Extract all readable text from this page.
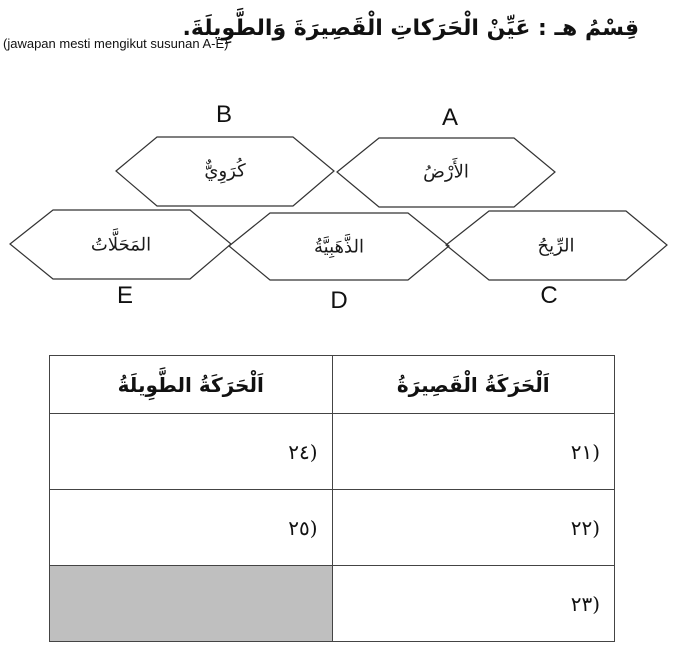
(jawapan mesti mengikut susunan A-E)
قِسْمُ هـ : عَيِّنْ الْحَرَكاتِ الْقَصِيرَةَ وَالطَّوِيلَةَ.
A
B
C
D
E
الأَرْضُ
كُرَوِيٌّ
الرِّيحُ
الذَّهَبِيَّةُ
المَحَلَّاتُ
اَلْحَرَكَةُ الطَّوِيلَةُ	اَلْحَرَكَةُ الْقَصِيرَةُ
(٢٤	(٢١
(٢٥	(٢٢
	(٢٣
